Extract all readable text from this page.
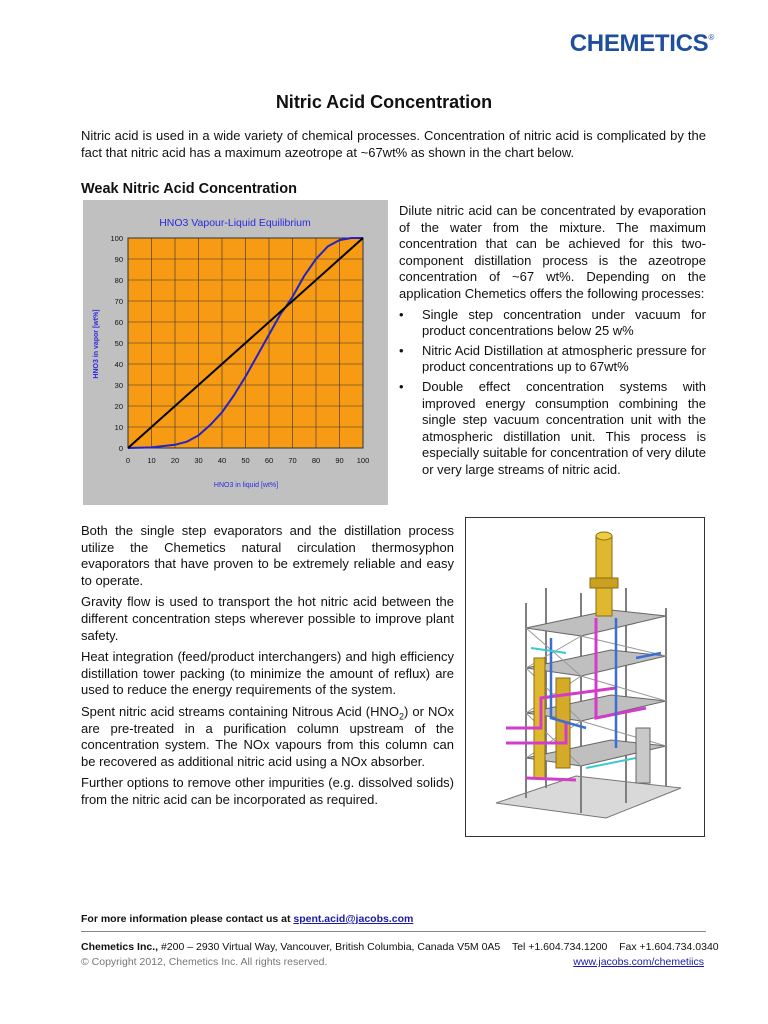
CHEMETICS®
Nitric Acid Concentration

Nitric acid is used in a wide variety of chemical processes. Concentration of nitric acid is complicated by the fact that nitric acid has a maximum azeotrope at ~67wt% as shown in the chart below.

Weak Nitric Acid Concentration
HNO3 Vapour-Liquid Equilibrium
0
10
20
30
40
50
60
70
80
90
100
0 10 20 30 40 50 60 70 80 90 100
HNO3 in liquid [wt%]
HNO3 in vapor [wt%]

Dilute nitric acid can be concentrated by evaporation of the water from the mixture. The maximum concentration that can be achieved for this two-component distillation process is the azeotrope concentration of ~67 wt%. Depending on the application Chemetics offers the following processes:

• Single step concentration under vacuum for product concentrations below 25 w%
• Nitric Acid Distillation at atmospheric pressure for product concentrations up to 67wt%
• Double effect concentration systems with improved energy consumption combining the single step vacuum concentration unit with the atmospheric distillation unit. This process is especially suitable for concentration of very dilute or very large streams of nitric acid.

Both the single step evaporators and the distillation process utilize the Chemetics natural circulation thermosyphon evaporators that have proven to be extremely reliable and easy to operate.

Gravity flow is used to transport the hot nitric acid between the different concentration steps wherever possible to improve plant safety.

Heat integration (feed/product interchangers) and high efficiency distillation tower packing (to minimize the amount of reflux) are used to reduce the energy requirements of the system.

Spent nitric acid streams containing Nitrous Acid $(HNO_2)$ or NOx are pre-treated in a purification column upstream of the concentration system. The NOx vapours from this column can be recovered as additional nitric acid using a NOx absorber.

Further options to remove other impurities (e.g. dissolved solids) from the nitric acid can be incorporated as required.

For more information please contact us at spent.acid@jacobs.com
Chemetics Inc., #200 – 2930 Virtual Way, Vancouver, British Columbia, Canada V5M 0A5 Tel +1.604.734.1200 Fax +1.604.734.0340
© Copyright 2012, Chemetics Inc. All rights reserved.	www.jacobs.com/chemetiics
